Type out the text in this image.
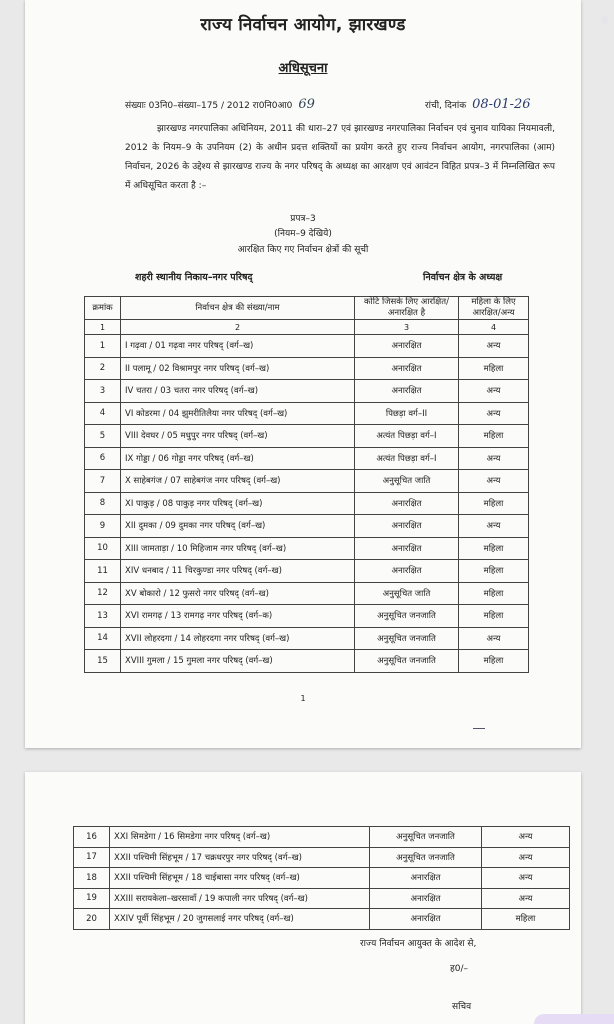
राज्य निर्वाचन आयोग, झारखण्ड
अधिसूचना
संख्याः 03नि0–संख्या–175 / 2012 रा0नि0आ0 69	रांची, दिनांक 08-01-26
झारखण्ड नगरपालिका अधिनियम, 2011 की धारा–27 एवं झारखण्ड नगरपालिका निर्वाचन एवं चुनाव यायिका नियमावली, 2012 के नियम–9 के उपनियम (2) के अधीन प्रदत्त शक्तियों का प्रयोग करते हुए राज्य निर्वाचन आयोग, नगरपालिका (आम) निर्वाचन, 2026 के उद्देश्य से झारखण्ड राज्य के नगर परिषद् के अध्यक्ष का आरक्षण एवं आवंटन विहित प्रपत्र–3 में निम्नलिखित रूप में अधिसूचित करता है :–
प्रपत्र–3
(नियम–9 देखिये)
आरक्षित किए गए निर्वाचन क्षेत्रों की सूची
शहरी स्थानीय निकाय–नगर परिषद्	निर्वाचन क्षेत्र के अध्यक्ष
1
क्रमांक	निर्वाचन क्षेत्र की संख्या/नाम	कोटि जिसके लिए आरक्षित/अनारक्षित है	महिला के लिए आरक्षित/अन्य
1	2	3	4
1	I गढ़वा / 01 गढ़वा नगर परिषद् (वर्ग–ख)	अनारक्षित	अन्य
2	II पलामू / 02 विश्रामपुर नगर परिषद् (वर्ग–ख)	अनारक्षित	महिला
3	IV चतरा / 03 चतरा नगर परिषद् (वर्ग–ख)	अनारक्षित	अन्य
4	VI कोडरमा / 04 झुमरीतिलैया नगर परिषद् (वर्ग–ख)	पिछड़ा वर्ग–II	अन्य
5	VIII देवघर / 05 मधुपुर नगर परिषद् (वर्ग–ख)	अत्यंत पिछड़ा वर्ग–I	महिला
6	IX गोड्डा / 06 गोड्डा नगर परिषद् (वर्ग–ख)	अत्यंत पिछड़ा वर्ग–I	अन्य
7	X साहेबगंज / 07 साहेबगंज नगर परिषद् (वर्ग–ख)	अनुसूचित जाति	अन्य
8	XI पाकुड़ / 08 पाकुड़ नगर परिषद् (वर्ग–ख)	अनारक्षित	महिला
9	XII दुमका / 09 दुमका नगर परिषद् (वर्ग–ख)	अनारक्षित	अन्य
10	XIII जामताड़ा / 10 मिहिजाम नगर परिषद् (वर्ग–ख)	अनारक्षित	महिला
11	XIV धनबाद / 11 चिरकुण्डा नगर परिषद् (वर्ग–ख)	अनारक्षित	महिला
12	XV बोकारो / 12 फुसरो नगर परिषद् (वर्ग–ख)	अनुसूचित जाति	महिला
13	XVI रामगढ़ / 13 रामगढ़ नगर परिषद् (वर्ग–क)	अनुसूचित जनजाति	महिला
14	XVII लोहरदगा / 14 लोहरदगा नगर परिषद् (वर्ग–ख)	अनुसूचित जनजाति	अन्य
15	XVIII गुमला / 15 गुमला नगर परिषद् (वर्ग–ख)	अनुसूचित जनजाति	महिला
16	XXI सिमडेगा / 16 सिमडेगा नगर परिषद् (वर्ग–ख)	अनुसूचित जनजाति	अन्य
17	XXII पश्चिमी सिंहभूम / 17 चक्रधरपुर नगर परिषद् (वर्ग–ख)	अनुसूचित जनजाति	अन्य
18	XXII पश्चिमी सिंहभूम / 18 चाईबासा नगर परिषद् (वर्ग–ख)	अनारक्षित	अन्य
19	XXIII सरायकेला–खरसावाँ / 19 कपाली नगर परिषद् (वर्ग–ख)	अनारक्षित	अन्य
20	XXIV पूर्वी सिंहभूम / 20 जुगसलाई नगर परिषद् (वर्ग–ख)	अनारक्षित	महिला
राज्य निर्वाचन आयुक्त के आदेश से,
ह0/–
सचिव
